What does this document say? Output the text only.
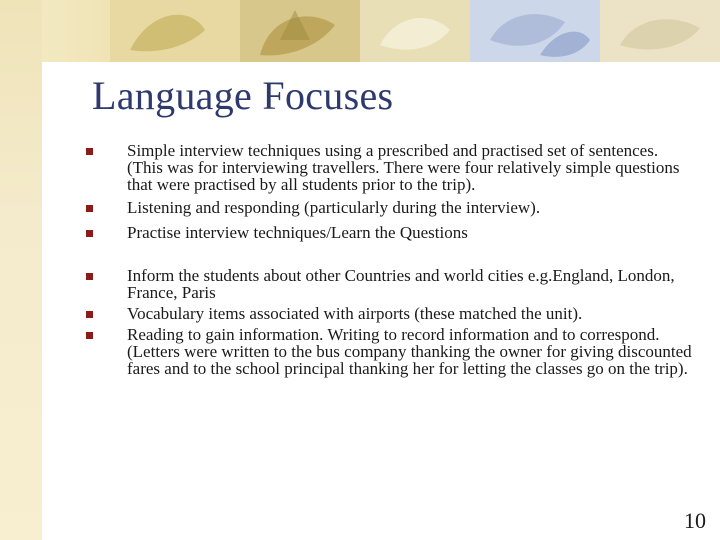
Language Focuses
Simple interview techniques using a prescribed and practised set of sentences. (This was for interviewing travellers. There were four relatively simple questions that were practised by all students prior to the trip).
Listening and responding (particularly during the interview).
Practise interview techniques/Learn the Questions
Inform the students about other Countries and world cities e.g.England, London, France, Paris
Vocabulary items associated with airports (these matched the unit).
Reading to gain information. Writing to record information and to correspond. (Letters were written to the bus company thanking the owner for giving discounted fares and to the school principal thanking her for letting the classes go on the trip).
10
